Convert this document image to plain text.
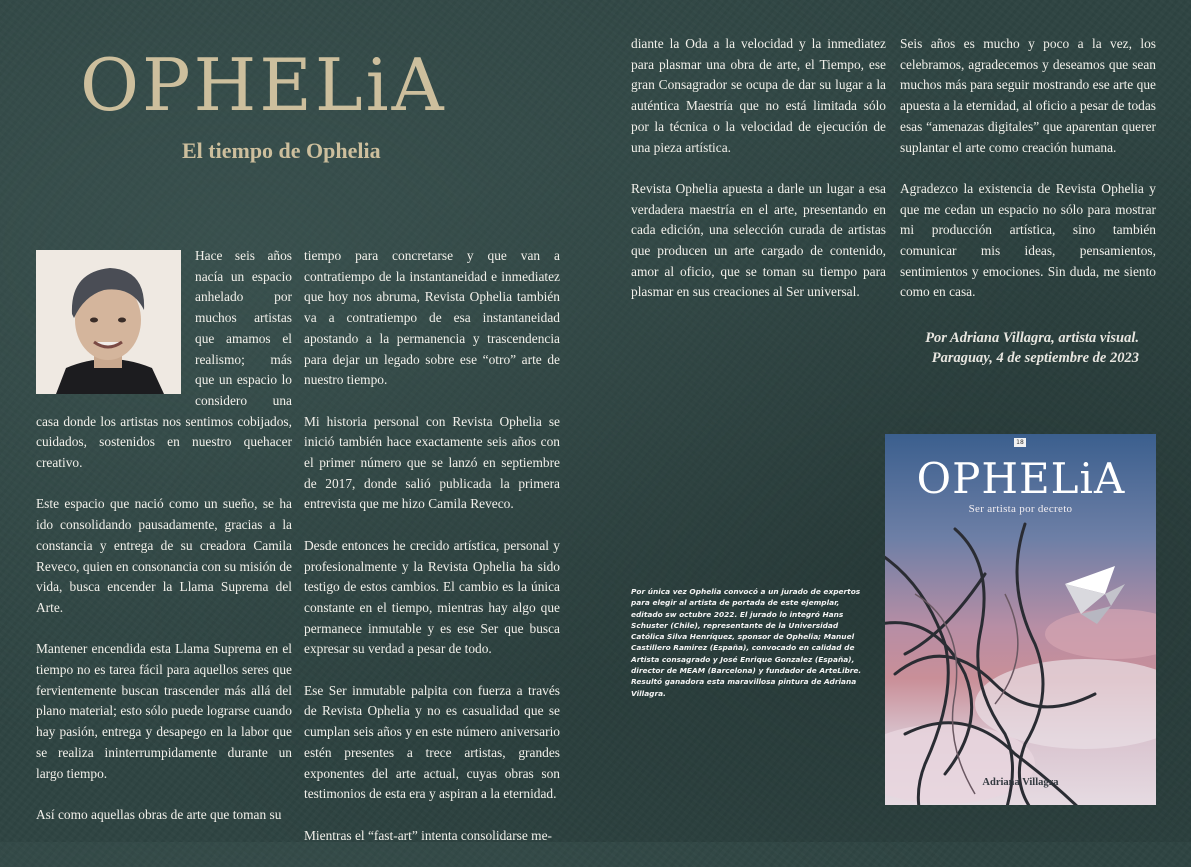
OPHELiA
El tiempo de Ophelia

Hace seis años nacía un espacio anhelado por muchos artistas que amamos el realismo; más que un espacio lo considero una casa donde los artistas nos sentimos cobijados, cuidados, sostenidos en nuestro quehacer creativo.

Este espacio que nació como un sueño, se ha ido consolidando pausadamente, gracias a la constancia y entrega de su creadora Camila Reveco, quien en consonancia con su misión de vida, busca encender la Llama Suprema del Arte.

Mantener encendida esta Llama Suprema en el tiempo no es tarea fácil para aquellos seres que fervientemente buscan trascender más allá del plano material; esto sólo puede lograrse cuando hay pasión, entrega y desapego en la labor que se realiza ininterrumpidamente durante un largo tiempo.

Así como aquellas obras de arte que toman su

tiempo para concretarse y que van a contratiempo de la instantaneidad e inmediatez que hoy nos abruma, Revista Ophelia también va a contratiempo de esa instantaneidad apostando a la permanencia y trascendencia para dejar un legado sobre ese “otro” arte de nuestro tiempo.

Mi historia personal con Revista Ophelia se inició también hace exactamente seis años con el primer número que se lanzó en septiembre de 2017, donde salió publicada la primera entrevista que me hizo Camila Reveco.

Desde entonces he crecido artística, personal y profesionalmente y la Revista Ophelia ha sido testigo de estos cambios. El cambio es la única constante en el tiempo, mientras hay algo que permanece inmutable y es ese Ser que busca expresar su verdad a pesar de todo.

Ese Ser inmutable palpita con fuerza a través de Revista Ophelia y no es casualidad que se cumplan seis años y en este número aniversario estén presentes a trece artistas, grandes exponentes del arte actual, cuyas obras son testimonios de esta era y aspiran a la eternidad.

Mientras el “fast-art” intenta consolidarse me-

diante la Oda a la velocidad y la inmediatez para plasmar una obra de arte, el Tiempo, ese gran Consagrador se ocupa de dar su lugar a la auténtica Maestría que no está limitada sólo por la técnica o la velocidad de ejecución de una pieza artística.

Revista Ophelia apuesta a darle un lugar a esa verdadera maestría en el arte, presentando en cada edición, una selección curada de artistas que producen un arte cargado de contenido, amor al oficio, que se toman su tiempo para plasmar en sus creaciones al Ser universal.

Seis años es mucho y poco a la vez, los celebramos, agradecemos y deseamos que sean muchos más para seguir mostrando ese arte que apuesta a la eternidad, al oficio a pesar de todas esas “amenazas digitales” que aparentan querer suplantar el arte como creación humana.

Agradezco la existencia de Revista Ophelia y que me cedan un espacio no sólo para mostrar mi producción artística, sino también comunicar mis ideas, pensamientos, sentimientos y emociones. Sin duda, me siento como en casa.

Por Adriana Villagra, artista visual.
Paraguay, 4 de septiembre de 2023
Por única vez Ophelia convocó a un jurado de expertos para elegir al artista de portada de este ejemplar, editado sw octubre 2022. El jurado lo integró Hans Schuster (Chile), representante de la Universidad Católica Silva Henríquez, sponsor de Ophelia; Manuel Castillero Ramirez (España), convocado en calidad de Artista consagrado y José Enrique Gonzalez (España), director de MEAM (Barcelona) y fundador de ArteLibre. Resultó ganadora esta maravillosa pintura de Adriana Villagra.
18
OPHELiA
Ser artista por decreto
Adriana Villagra
